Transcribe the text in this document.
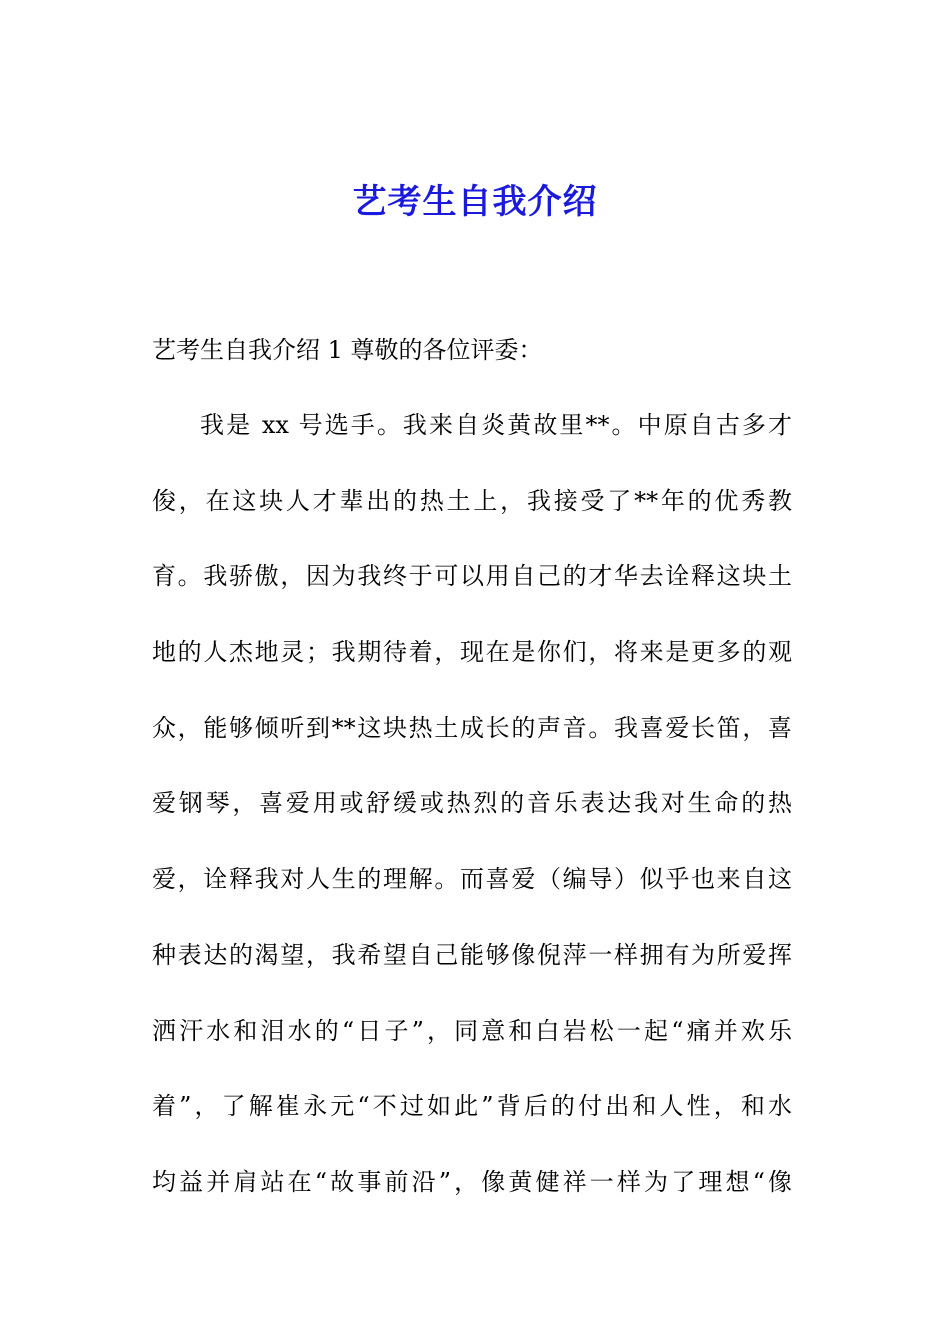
艺考生自我介绍

艺考生自我介绍 1 尊敬的各位评委：

我是 xx 号选手。我来自炎黄故里**。中原自古多才
俊，在这块人才辈出的热土上，我接受了**年的优秀教
育。我骄傲，因为我终于可以用自己的才华去诠释这块土
地的人杰地灵；我期待着，现在是你们，将来是更多的观
众，能够倾听到**这块热土成长的声音。我喜爱长笛，喜
爱钢琴，喜爱用或舒缓或热烈的音乐表达我对生命的热
爱，诠释我对人生的理解。而喜爱（编导）似乎也来自这
种表达的渴望，我希望自己能够像倪萍一样拥有为所爱挥
洒汗水和泪水的“日子”，同意和白岩松一起“痛并欢乐
着”，了解崔永元“不过如此”背后的付出和人性，和水
均益并肩站在“故事前沿”，像黄健祥一样为了理想“像
